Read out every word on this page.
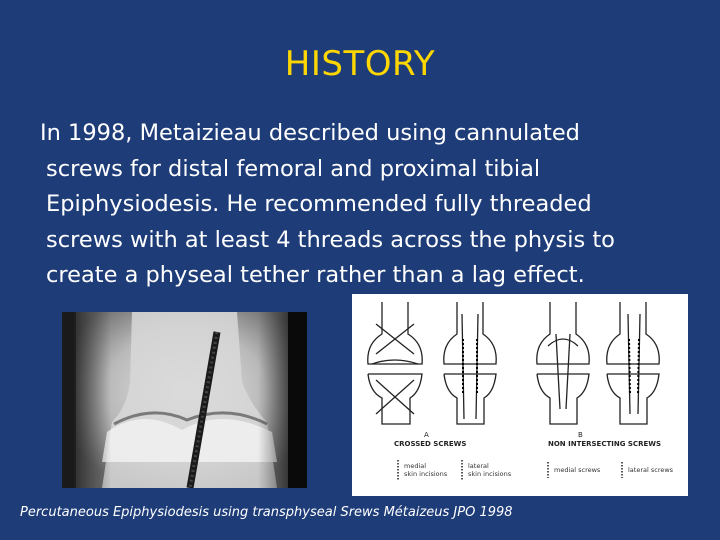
HISTORY
In 1998, Metaizieau described using cannulated
screws for distal femoral and proximal tibial
Epiphysiodesis. He recommended fully threaded
screws with at least 4 threads across the physis to
create a physeal tether rather than a lag effect.
A
CROSSED SCREWS
B
NON INTERSECTING SCREWS
medial
skin incisions
lateral
skin incisions	medial screws	lateral screws
Percutaneous Epiphysiodesis using transphyseal Srews Métaizeus JPO 1998
